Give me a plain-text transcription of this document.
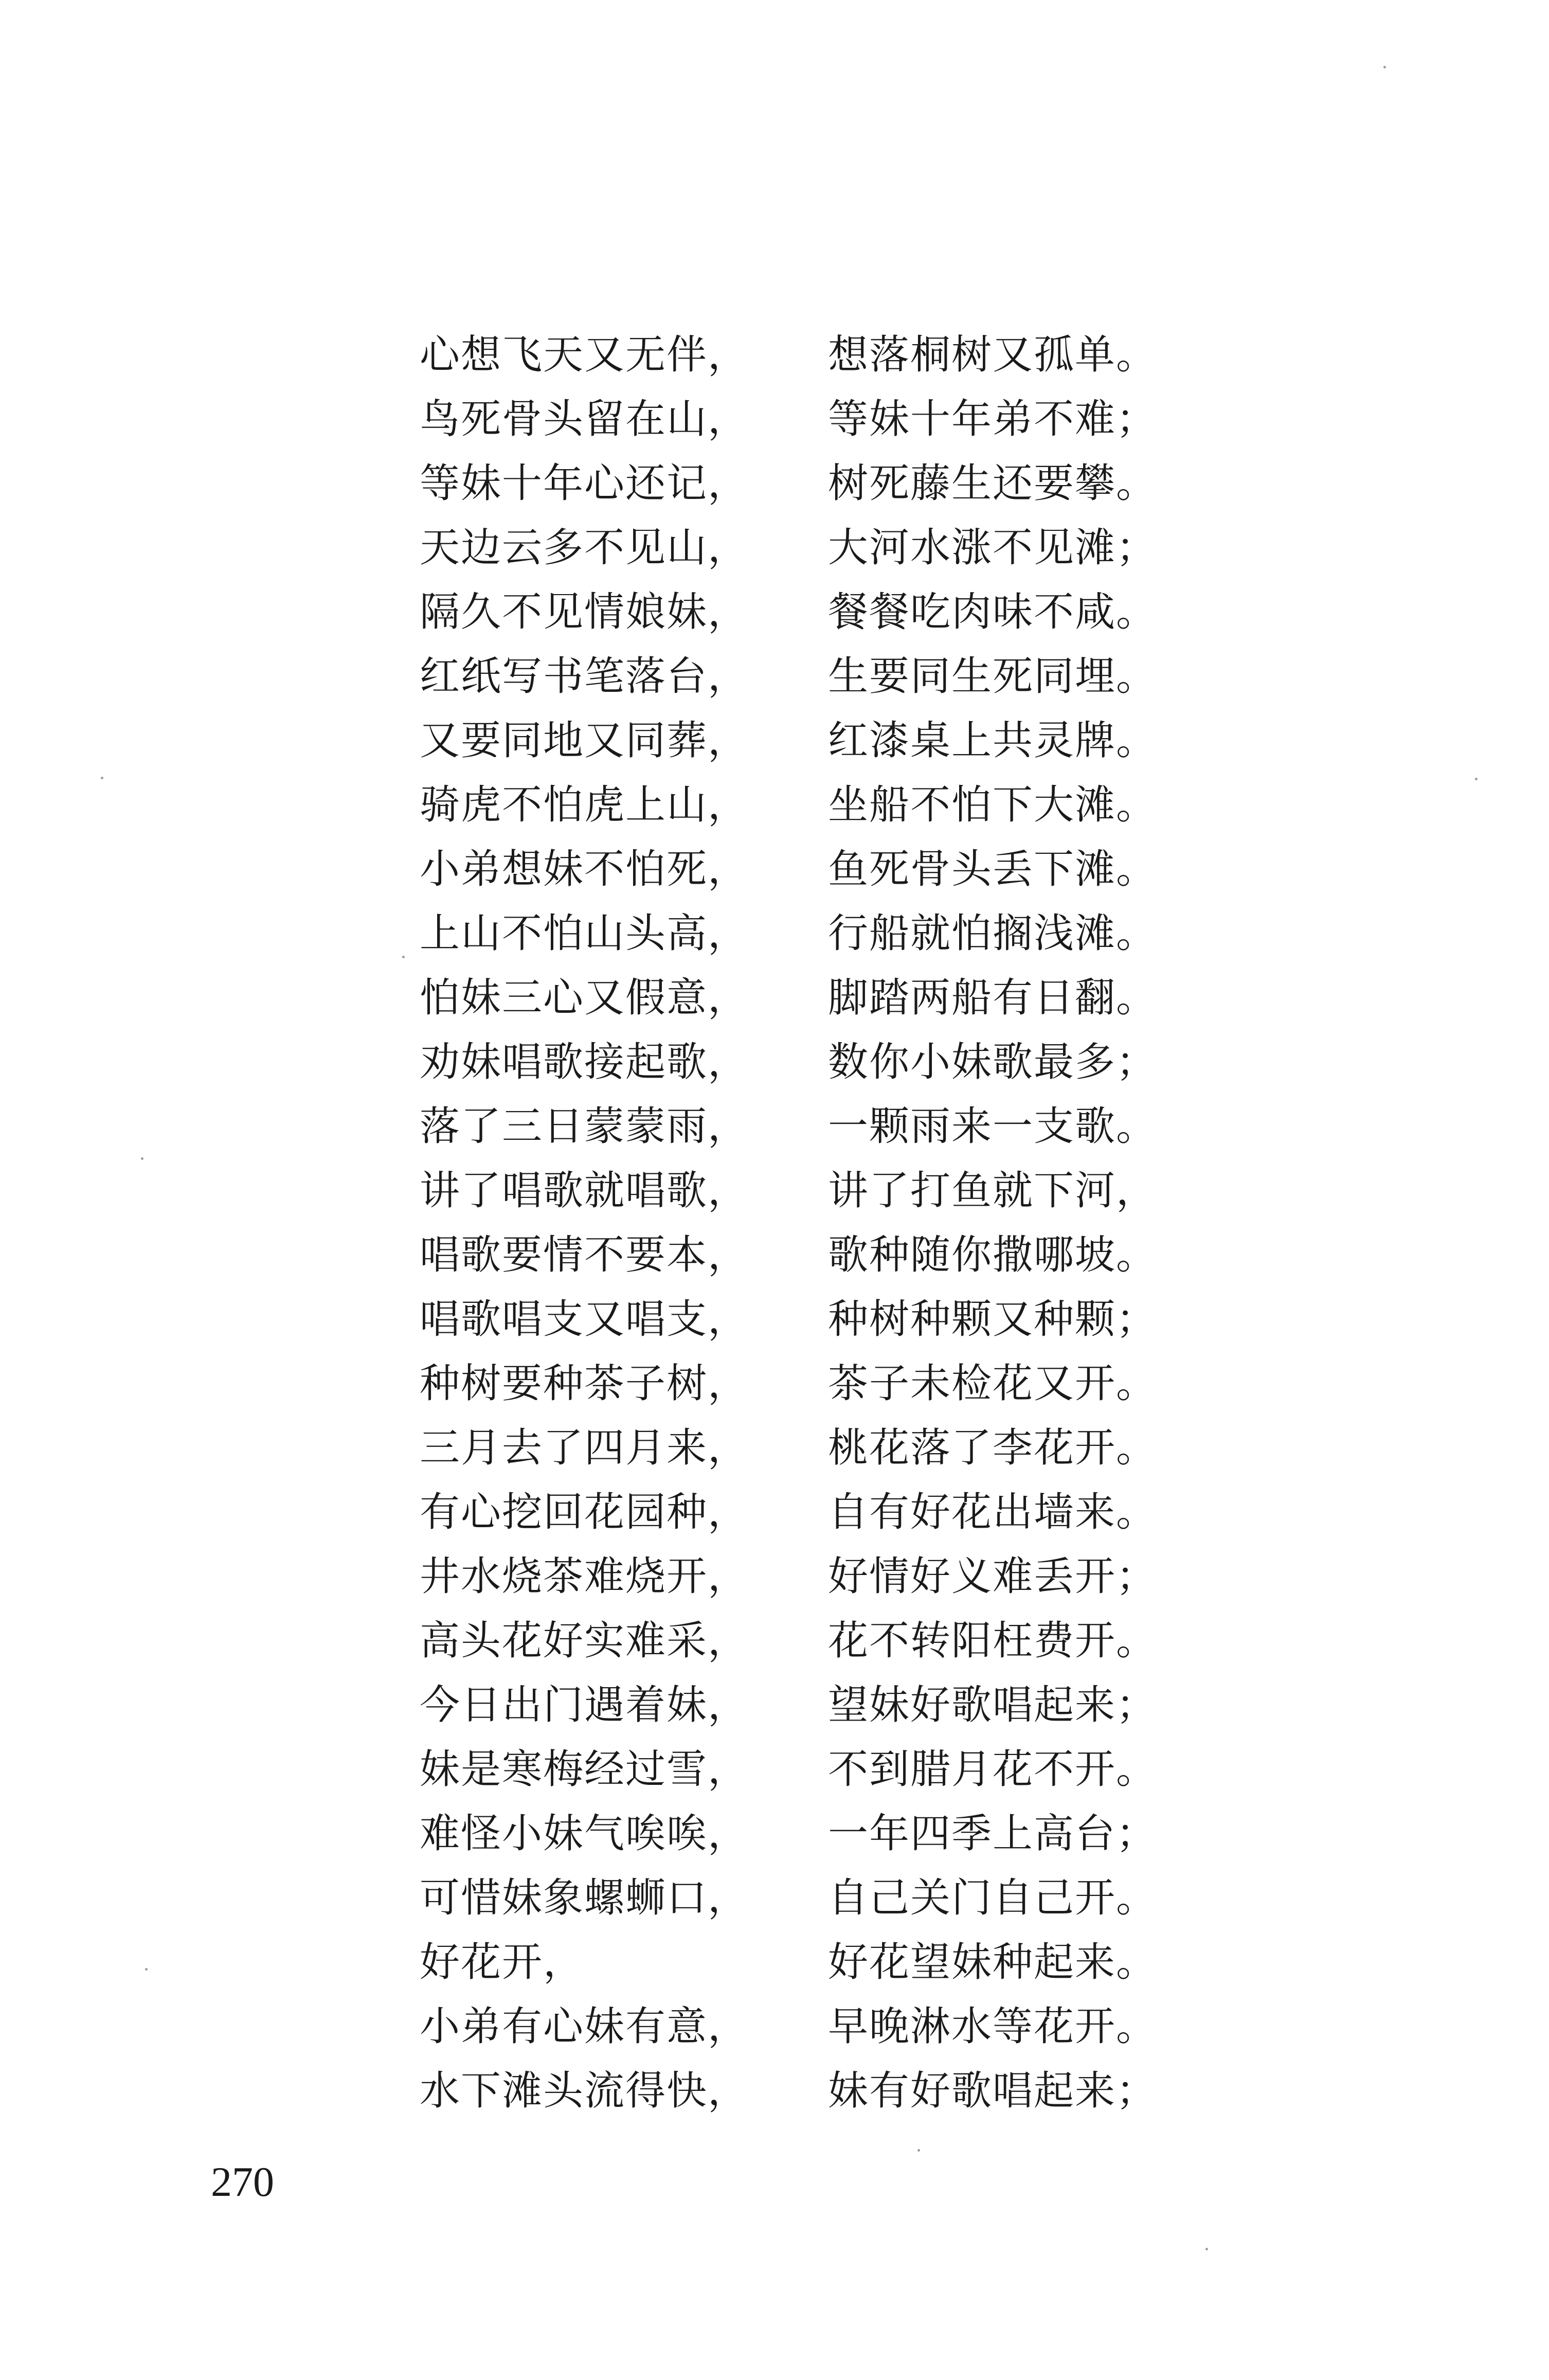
心想飞天又无伴， 想落桐树又孤单。
鸟死骨头留在山， 等妹十年弟不难；
等妹十年心还记， 树死藤生还要攀。
天边云多不见山， 大河水涨不见滩；
隔久不见情娘妹， 餐餐吃肉味不咸。
红纸写书笔落台， 生要同生死同埋。
又要同地又同葬， 红漆桌上共灵牌。
骑虎不怕虎上山， 坐船不怕下大滩。
小弟想妹不怕死， 鱼死骨头丢下滩。
上山不怕山头高， 行船就怕搁浅滩。
怕妹三心又假意， 脚踏两船有日翻。
劝妹唱歌接起歌， 数你小妹歌最多；
落了三日蒙蒙雨， 一颗雨来一支歌。
讲了唱歌就唱歌， 讲了打鱼就下河，
唱歌要情不要本， 歌种随你撒哪坡。
唱歌唱支又唱支， 种树种颗又种颗；
种树要种茶子树， 茶子未检花又开。
三月去了四月来， 桃花落了李花开。
有心挖回花园种， 自有好花出墙来。
井水烧茶难烧开， 好情好义难丢开；
高头花好实难采， 花不转阳枉费开。
今日出门遇着妹， 望妹好歌唱起来；
妹是寒梅经过雪， 不到腊月花不开。
难怪小妹气唉唉， 一年四季上高台；
可惜妹象螺蛳口， 自己关门自己开。
好花开，	好花望妹种起来。
小弟有心妹有意， 早晚淋水等花开。
水下滩头流得快， 妹有好歌唱起来；
270
